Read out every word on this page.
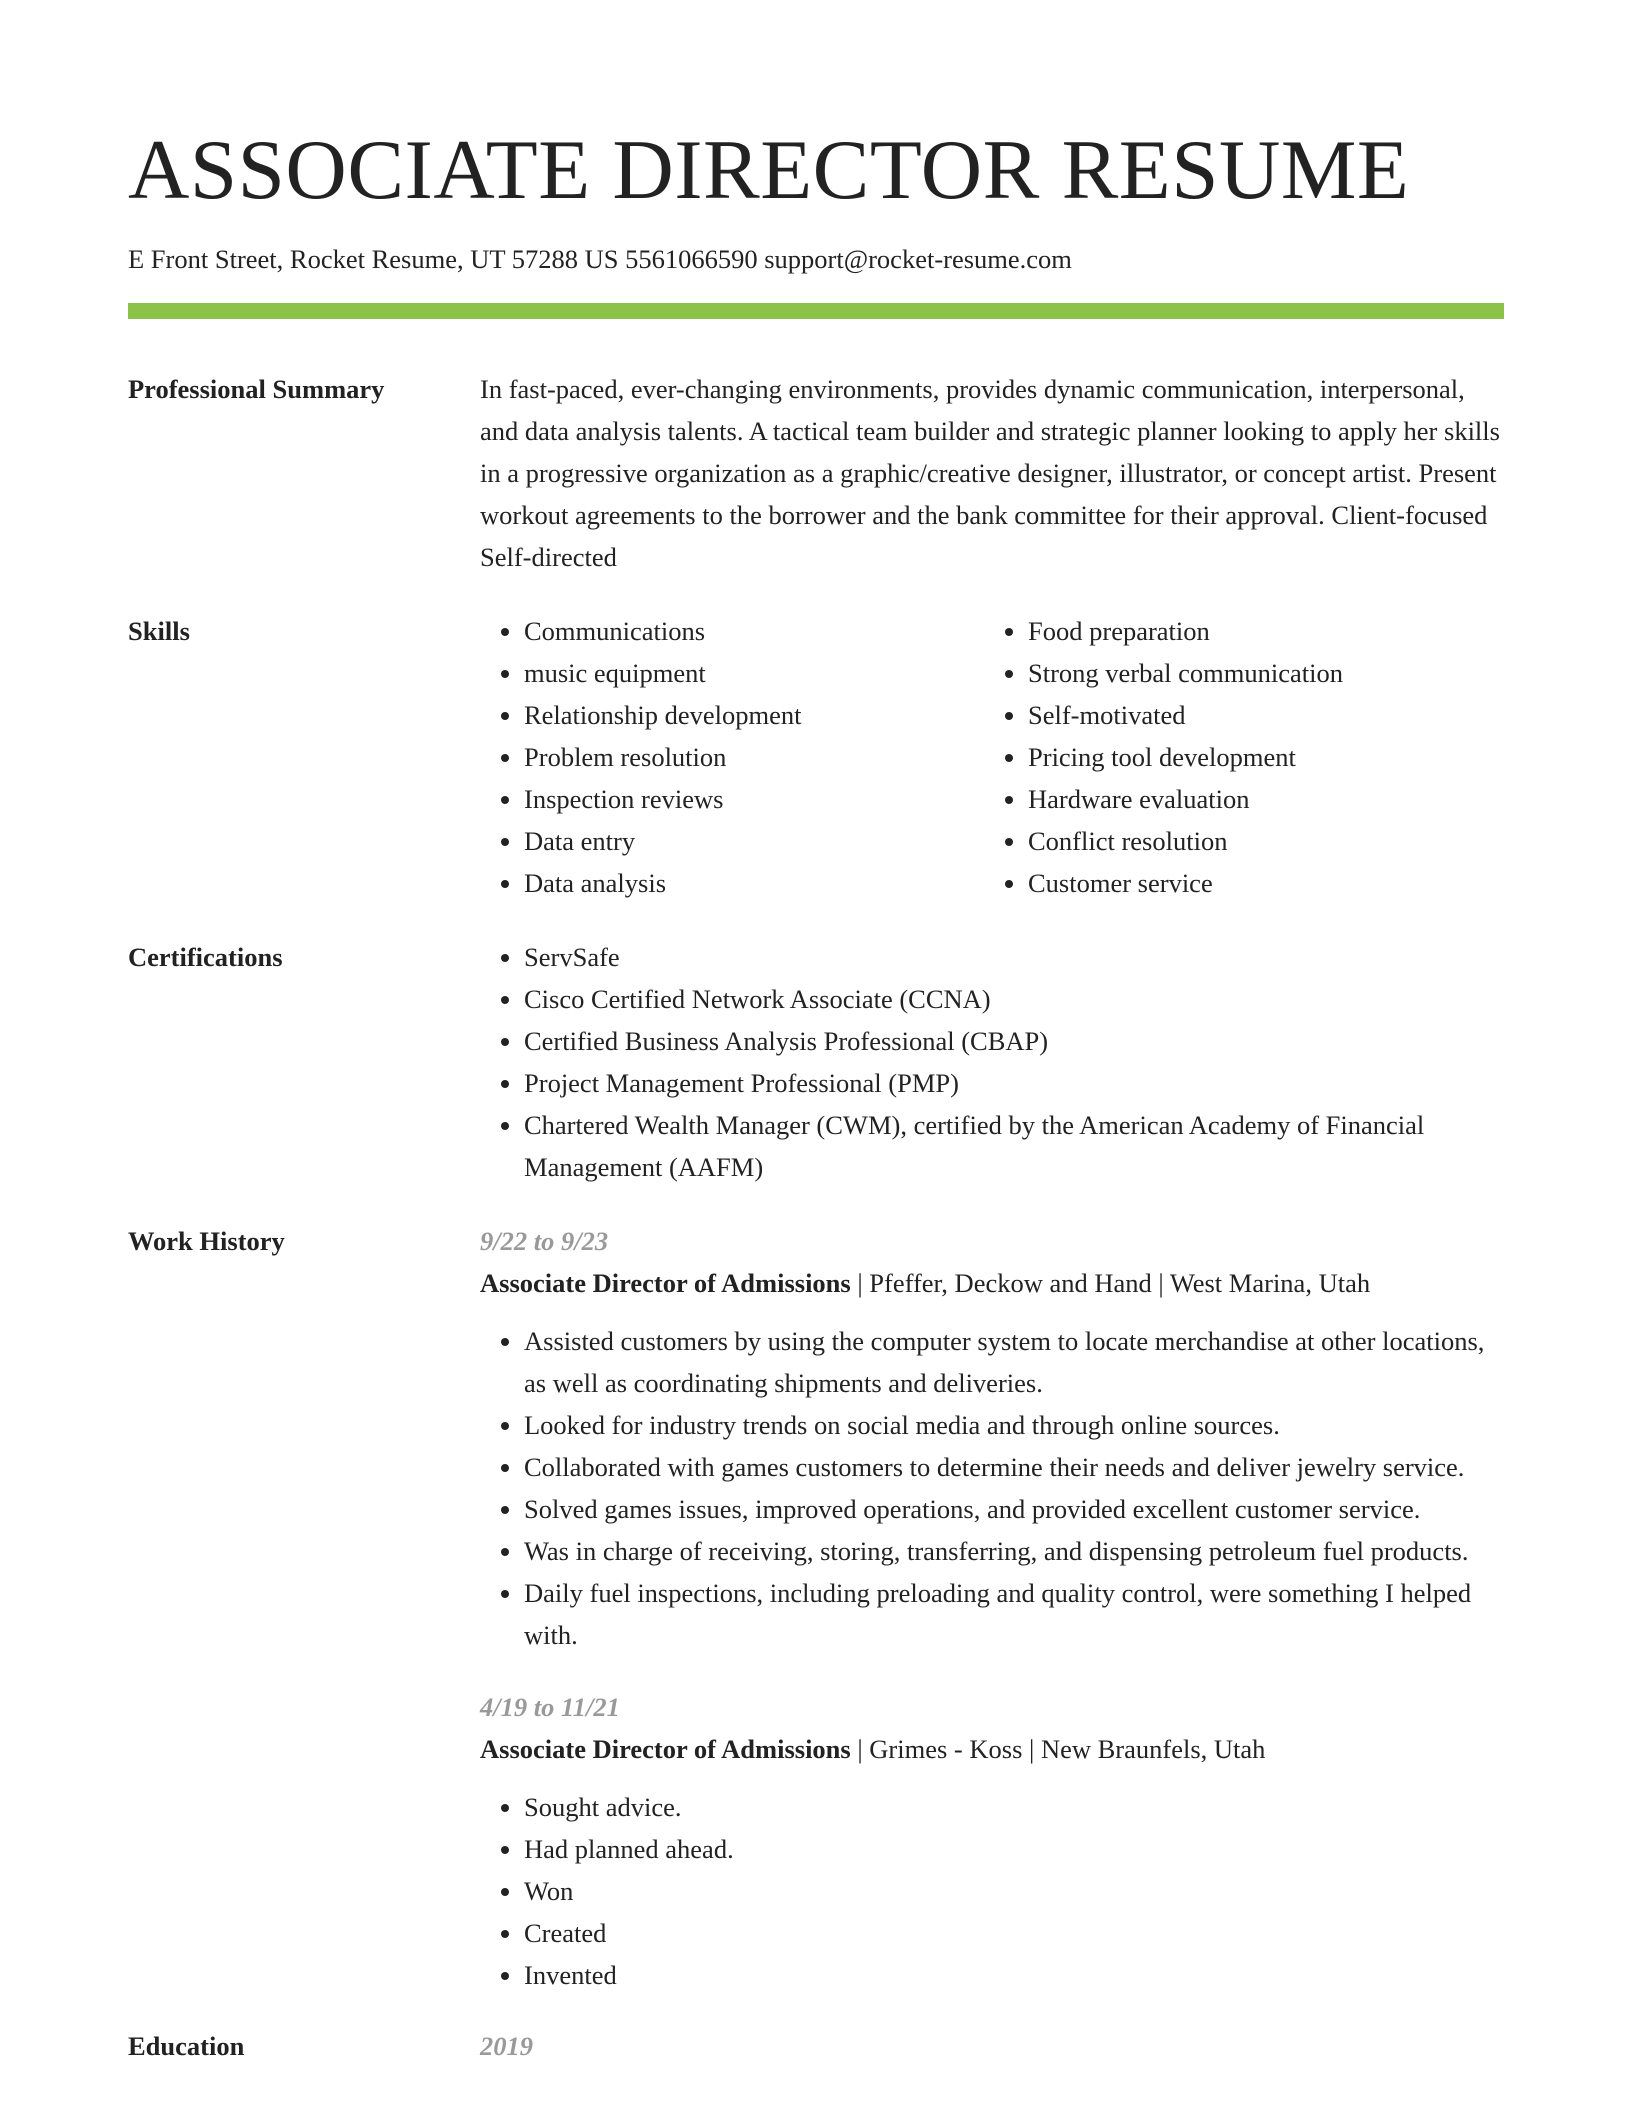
ASSOCIATE DIRECTOR RESUME
E Front Street, Rocket Resume, UT 57288 US 5561066590 support@rocket-resume.com
Professional Summary	In fast-paced, ever-changing environments, provides dynamic communication, interpersonal, and data analysis talents. A tactical team builder and strategic planner looking to apply her skills in a progressive organization as a graphic/creative designer, illustrator, or concept artist. Present workout agreements to the borrower and the bank committee for their approval. Client-focused Self-directed
Skills	• Communications
• music equipment
• Relationship development
• Problem resolution
• Inspection reviews
• Data entry
• Data analysis
• Food preparation
• Strong verbal communication
• Self-motivated
• Pricing tool development
• Hardware evaluation
• Conflict resolution
• Customer service
Certifications	• ServSafe
• Cisco Certified Network Associate (CCNA)
• Certified Business Analysis Professional (CBAP)
• Project Management Professional (PMP)
• Chartered Wealth Manager (CWM), certified by the American Academy of Financial Management (AAFM)
Work History	9/22 to 9/23
Associate Director of Admissions | Pfeffer, Deckow and Hand | West Marina, Utah
• Assisted customers by using the computer system to locate merchandise at other locations, as well as coordinating shipments and deliveries.
• Looked for industry trends on social media and through online sources.
• Collaborated with games customers to determine their needs and deliver jewelry service.
• Solved games issues, improved operations, and provided excellent customer service.
• Was in charge of receiving, storing, transferring, and dispensing petroleum fuel products.
• Daily fuel inspections, including preloading and quality control, were something I helped with.
4/19 to 11/21
Associate Director of Admissions | Grimes - Koss | New Braunfels, Utah
• Sought advice.
• Had planned ahead.
• Won
• Created
• Invented
Education	2019
